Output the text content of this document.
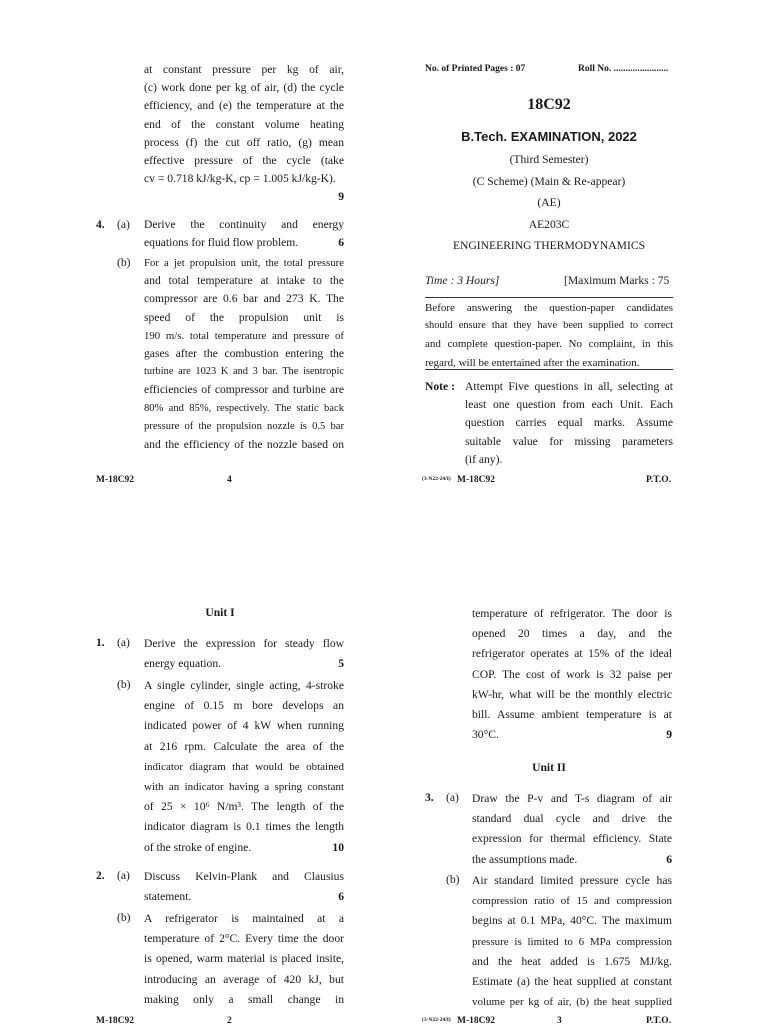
at constant pressure per kg of air,
(c) work done per kg of air, (d) the cycle
efficiency, and (e) the temperature at the
end of the constant volume heating
process (f) the cut off ratio, (g) mean
effective pressure of the cycle (take
cv = 0.718 kJ/kg-K, cp = 1.005 kJ/kg-K).
9
4. (a) Derive the continuity and energy
equations for fluid flow problem.	6
(b) For a jet propulsion unit, the total pressure
and total temperature at intake to the
compressor are 0.6 bar and 273 K. The
speed of the propulsion unit is
190 m/s. total temperature and pressure of
gases after the combustion entering the
turbine are 1023 K and 3 bar. The isentropic
efficiencies of compressor and turbine are
80% and 85%, respectively. The static back
pressure of the propulsion nozzle is 0.5 bar
and the efficiency of the nozzle based on
M-18C92	4
No. of Printed Pages : 07	Roll No. .......................
18C92
B.Tech. EXAMINATION, 2022
(Third Semester)
(C Scheme) (Main & Re-appear)
(AE)
AE203C
ENGINEERING THERMODYNAMICS
Time : 3 Hours]	[Maximum Marks : 75
Before answering the question-paper candidates
should ensure that they have been supplied to correct
and complete question-paper. No complaint, in this
regard, will be entertained after the examination.
Note : Attempt Five questions in all, selecting at
least one question from each Unit. Each
question carries equal marks. Assume
suitable value for missing parameters
(if any).
(3-N22-24/I) M-18C92	P.T.O.
Unit I
1. (a) Derive the expression for steady flow
energy equation.	5
(b) A single cylinder, single acting, 4-stroke
engine of 0.15 m bore develops an
indicated power of 4 kW when running
at 216 rpm. Calculate the area of the
indicator diagram that would be obtained
with an indicator having a spring constant
of 25 × 10⁶ N/m³. The length of the
indicator diagram is 0.1 times the length
of the stroke of engine.	10
2. (a) Discuss Kelvin-Plank and Clausius
statement.	6
(b) A refrigerator is maintained at a
temperature of 2°C. Every time the door
is opened, warm material is placed insite,
introducing an average of 420 kJ, but
making only a small change in
M-18C92	2
temperature of refrigerator. The door is
opened 20 times a day, and the
refrigerator operates at 15% of the ideal
COP. The cost of work is 32 paise per
kW-hr, what will be the monthly electric
bill. Assume ambient temperature is at
30°C.	9
Unit II
3. (a) Draw the P-v and T-s diagram of air
standard dual cycle and drive the
expression for thermal efficiency. State
the assumptions made.	6
(b) Air standard limited pressure cycle has
compression ratio of 15 and compression
begins at 0.1 MPa, 40°C. The maximum
pressure is limited to 6 MPa compression
and the heat added is 1.675 MJ/kg.
Estimate (a) the heat supplied at constant
volume per kg of air, (b) the heat supplied
(3-N22-24/I) M-18C92	3	P.T.O.
